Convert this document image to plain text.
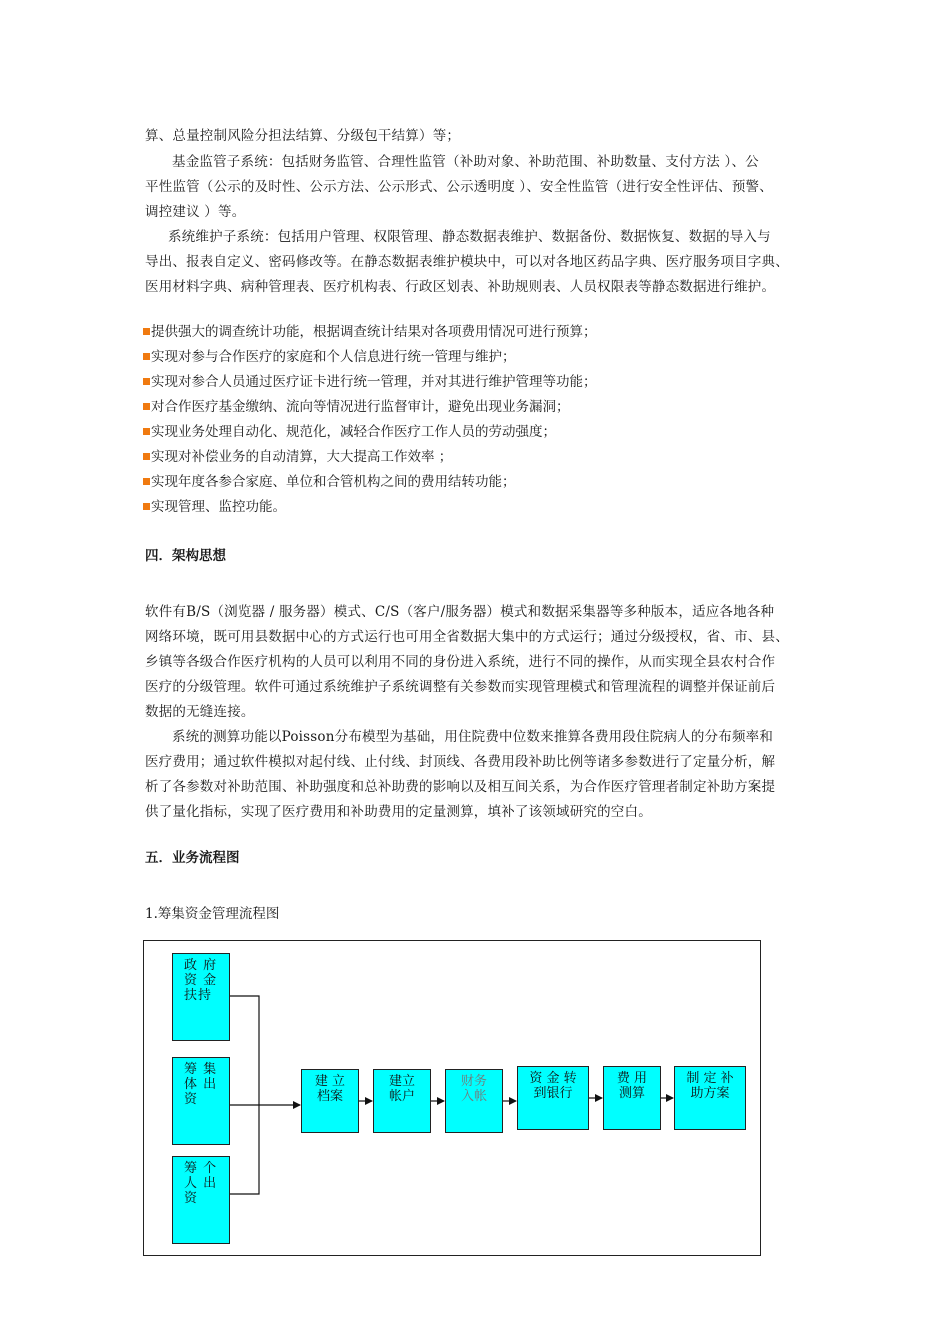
算、总量控制风险分担法结算、分级包干结算）等；
基金监管子系统：包括财务监管、合理性监管（补助对象、补助范围、补助数量、支付方法 ）、公
平性监管（公示的及时性、公示方法、公示形式、公示透明度 ）、安全性监管（进行安全性评估、预警、
调控建议 ）等。
系统维护子系统：包括用户管理、权限管理、静态数据表维护、数据备份、数据恢复、数据的导入与
导出、报表自定义、密码修改等。在静态数据表维护模块中，可以对各地区药品字典、医疗服务项目字典、
医用材料字典、病种管理表、医疗机构表、行政区划表、补助规则表、人员权限表等静态数据进行维护。
提供强大的调查统计功能，根据调查统计结果对各项费用情况可进行预算；
实现对参与合作医疗的家庭和个人信息进行统一管理与维护；
实现对参合人员通过医疗证卡进行统一管理，并对其进行维护管理等功能；
对合作医疗基金缴纳、流向等情况进行监督审计，避免出现业务漏洞；
实现业务处理自动化、规范化，减轻合作医疗工作人员的劳动强度；
实现对补偿业务的自动清算，大大提高工作效率 ；
实现年度各参合家庭、单位和合管机构之间的费用结转功能；
实现管理、监控功能。
四．架构思想
软件有B/S（浏览器 / 服务器）模式、C/S（客户/服务器）模式和数据采集器等多种版本，适应各地各种
网络环境，既可用县数据中心的方式运行也可用全省数据大集中的方式运行；通过分级授权，省、市、县、
乡镇等各级合作医疗机构的人员可以利用不同的身份进入系统，进行不同的操作，从而实现全县农村合作
医疗的分级管理。软件可通过系统维护子系统调整有关参数而实现管理模式和管理流程的调整并保证前后
数据的无缝连接。
系统的测算功能以Poisson分布模型为基础，用住院费中位数来推算各费用段住院病人的分布频率和
医疗费用；通过软件模拟对起付线、止付线、封顶线、各费用段补助比例等诸多参数进行了定量分析，解
析了各参数对补助范围、补助强度和总补助费的影响以及相互间关系，为合作医疗管理者制定补助方案提
供了量化指标，实现了医疗费用和补助费用的定量测算，填补了该领域研究的空白。
五．业务流程图
1.筹集资金管理流程图
政 府
资 金
扶持
筹 集
体 出
资
筹 个
人 出
资
建 立
档案
建立
帐户
财务
入帐
资 金 转
到银行
费 用
测算
制 定 补
助方案
